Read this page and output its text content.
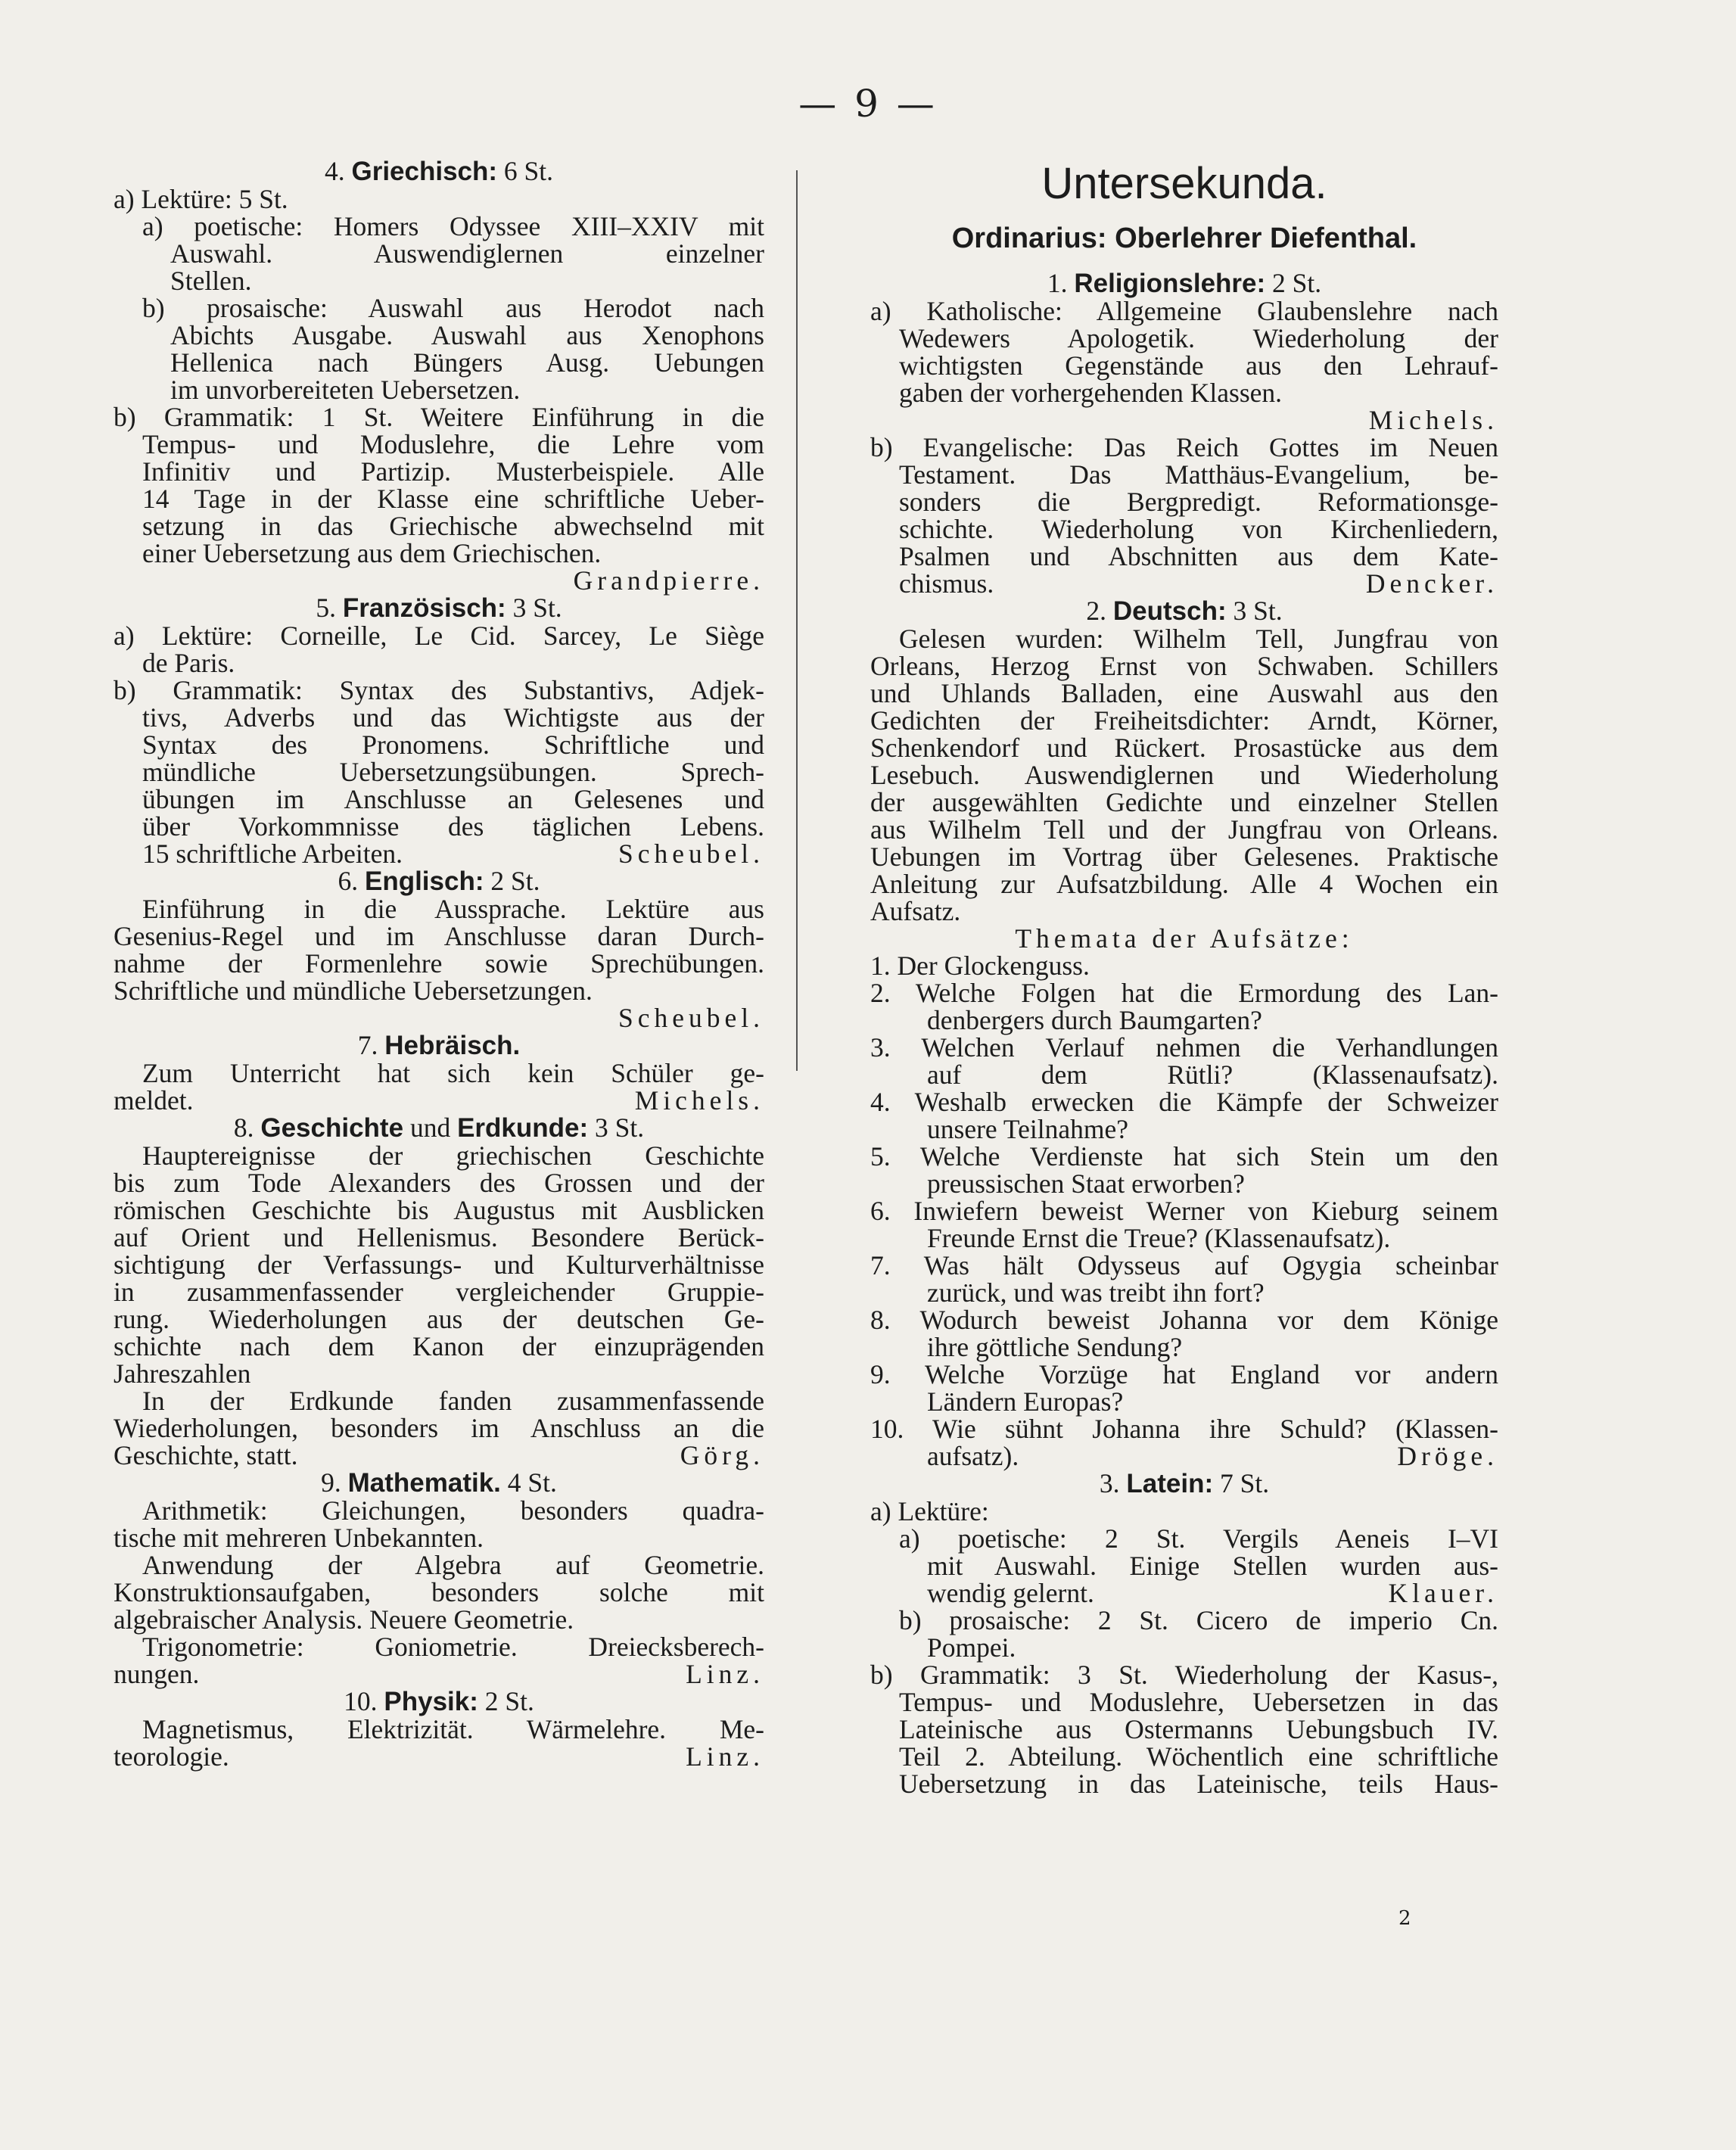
— 9 —
4. Griechisch: 6 St.
a) Lektüre: 5 St.
a) poetische: Homers Odyssee XIII–XXIV mit
Auswahl. Auswendiglernen einzelner
Stellen.
b) prosaische: Auswahl aus Herodot nach
Abichts Ausgabe. Auswahl aus Xenophons
Hellenica nach Büngers Ausg. Uebungen
im unvorbereiteten Uebersetzen.
b) Grammatik: 1 St. Weitere Einführung in die
Tempus- und Moduslehre, die Lehre vom
Infinitiv und Partizip. Musterbeispiele. Alle
14 Tage in der Klasse eine schriftliche Ueber-
setzung in das Griechische abwechselnd mit
einer Uebersetzung aus dem Griechischen.
Grandpierre.
5. Französisch: 3 St.
a) Lektüre: Corneille, Le Cid. Sarcey, Le Siège
de Paris.
b) Grammatik: Syntax des Substantivs, Adjek-
tivs, Adverbs und das Wichtigste aus der
Syntax des Pronomens. Schriftliche und
mündliche Uebersetzungsübungen. Sprech-
übungen im Anschlusse an Gelesenes und
über Vorkommnisse des täglichen Lebens.
Scheubel.
15 schriftliche Arbeiten.
6. Englisch: 2 St.
Einführung in die Aussprache. Lektüre aus
Gesenius-Regel und im Anschlusse daran Durch-
nahme der Formenlehre sowie Sprechübungen.
Schriftliche und mündliche Uebersetzungen.
Scheubel.
7. Hebräisch.
Zum Unterricht hat sich kein Schüler ge-
Michels.
meldet.
8. Geschichte und Erdkunde: 3 St.
Hauptereignisse der griechischen Geschichte
bis zum Tode Alexanders des Grossen und der
römischen Geschichte bis Augustus mit Ausblicken
auf Orient und Hellenismus. Besondere Berück-
sichtigung der Verfassungs- und Kulturverhältnisse
in zusammenfassender vergleichender Gruppie-
rung. Wiederholungen aus der deutschen Ge-
schichte nach dem Kanon der einzuprägenden
Jahreszahlen
In der Erdkunde fanden zusammenfassende
Wiederholungen, besonders im Anschluss an die
Görg.
Geschichte, statt.
9. Mathematik. 4 St.
Arithmetik: Gleichungen, besonders quadra-
tische mit mehreren Unbekannten.
Anwendung der Algebra auf Geometrie.
Konstruktionsaufgaben, besonders solche mit
algebraischer Analysis. Neuere Geometrie.
Trigonometrie: Goniometrie. Dreiecksberech-
Linz.
nungen.
10. Physik: 2 St.
Magnetismus, Elektrizität. Wärmelehre. Me-
Linz.
teorologie.
Untersekunda.
Ordinarius: Oberlehrer Diefenthal.
1. Religionslehre: 2 St.
a) Katholische: Allgemeine Glaubenslehre nach
Wedewers Apologetik. Wiederholung der
wichtigsten Gegenstände aus den Lehrauf-
gaben der vorhergehenden Klassen.
Michels.
b) Evangelische: Das Reich Gottes im Neuen
Testament. Das Matthäus-Evangelium, be-
sonders die Bergpredigt. Reformationsge-
schichte. Wiederholung von Kirchenliedern,
Psalmen und Abschnitten aus dem Kate-
Dencker.
chismus.
2. Deutsch: 3 St.
Gelesen wurden: Wilhelm Tell, Jungfrau von
Orleans, Herzog Ernst von Schwaben. Schillers
und Uhlands Balladen, eine Auswahl aus den
Gedichten der Freiheitsdichter: Arndt, Körner,
Schenkendorf und Rückert. Prosastücke aus dem
Lesebuch. Auswendiglernen und Wiederholung
der ausgewählten Gedichte und einzelner Stellen
aus Wilhelm Tell und der Jungfrau von Orleans.
Uebungen im Vortrag über Gelesenes. Praktische
Anleitung zur Aufsatzbildung. Alle 4 Wochen ein
Aufsatz.
Themata der Aufsätze:
1. Der Glockenguss.
2. Welche Folgen hat die Ermordung des Lan-
denbergers durch Baumgarten?
3. Welchen Verlauf nehmen die Verhandlungen
auf dem Rütli? (Klassenaufsatz).
4. Weshalb erwecken die Kämpfe der Schweizer
unsere Teilnahme?
5. Welche Verdienste hat sich Stein um den
preussischen Staat erworben?
6. Inwiefern beweist Werner von Kieburg seinem
Freunde Ernst die Treue? (Klassenaufsatz).
7. Was hält Odysseus auf Ogygia scheinbar
zurück, und was treibt ihn fort?
8. Wodurch beweist Johanna vor dem Könige
ihre göttliche Sendung?
9. Welche Vorzüge hat England vor andern
Ländern Europas?
10. Wie sühnt Johanna ihre Schuld? (Klassen-
Dröge.
aufsatz).
3. Latein: 7 St.
a) Lektüre:
a) poetische: 2 St. Vergils Aeneis I–VI
mit Auswahl. Einige Stellen wurden aus-
Klauer.
wendig gelernt.
b) prosaische: 2 St. Cicero de imperio Cn.
Pompei.
b) Grammatik: 3 St. Wiederholung der Kasus-,
Tempus- und Moduslehre, Uebersetzen in das
Lateinische aus Ostermanns Uebungsbuch IV.
Teil 2. Abteilung. Wöchentlich eine schriftliche
Uebersetzung in das Lateinische, teils Haus-
2
